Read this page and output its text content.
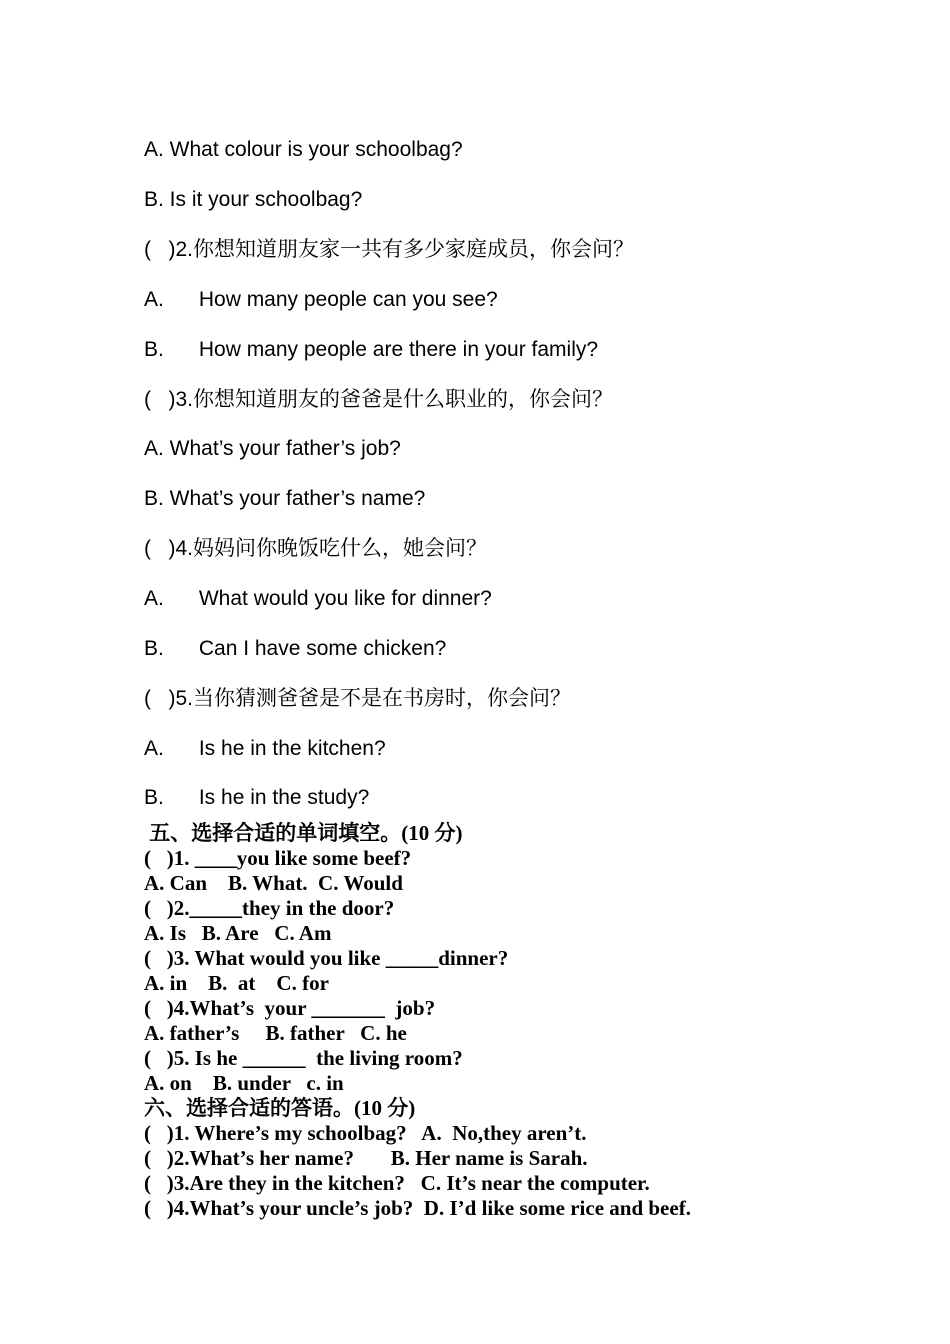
A. What colour is your schoolbag?
B. Is it your schoolbag?
(   )2.你想知道朋友家一共有多少家庭成员，你会问？
A.      How many people can you see?
B.      How many people are there in your family?
(   )3.你想知道朋友的爸爸是什么职业的，你会问？
A. What’s your father’s job?
B. What’s your father’s name?
(   )4.妈妈问你晚饭吃什么，她会问？
A.      What would you like for dinner?
B.      Can I have some chicken?
(   )5.当你猜测爸爸是不是在书房时，你会问？
A.      Is he in the kitchen?
B.      Is he in the study?
五、选择合适的单词填空。(10 分)
(   )1. ____you like some beef?
A. Can    B. What.  C. Would
(   )2._____they in the door?
A. Is   B. Are   C. Am
(   )3. What would you like _____dinner?
A. in    B.  at    C. for
(   )4.What’s  your _______  job?
A. father’s     B. father   C. he
(   )5. Is he ______  the living room?
A. on    B. under   c. in
六、选择合适的答语。(10 分)
(   )1. Where’s my schoolbag?   A.  No,they aren’t.
(   )2.What’s her name?       B. Her name is Sarah.
(   )3.Are they in the kitchen?   C. It’s near the computer.
(   )4.What’s your uncle’s job?  D. I’d like some rice and beef.
